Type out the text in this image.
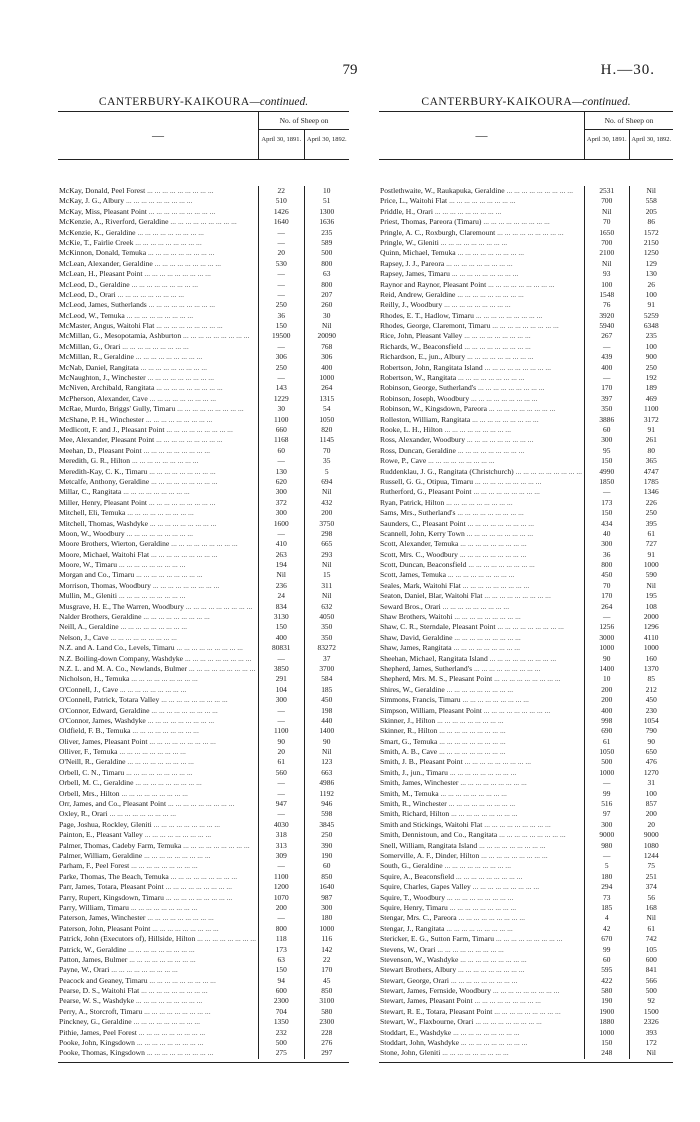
79	H.—30.
CANTERBURY-KAIKOURA—continued.
—
No. of Sheep on
April 30, 1891. April 30, 1892.
McKay, Donald, Peel Forest ... .	22	10
McKay, J. G., Albury ... .	510	51
McKay, Miss, Pleasant Point ... .	1426	1300
McKenzie, A., Riverford, Geraldine ... .	1640	1636
McKenzie, K., Geraldine ... .	—	235
McKie, T., Fairlie Creek ... .	—	589
McKinnon, Donald, Temuka ... .	20	500
McLean, Alexander, Geraldine ... .	530	800
McLean, H., Pleasant Point ... .	—	63
McLeod, D., Geraldine ... .	—	800
McLeod, D., Orari ... .	—	207
McLeod, James, Sutherlands ... .	250	260
McLeod, W., Temuka ... .	36	30
McMaster, Angus, Waitohi Flat ... .	150	Nil
McMillan, G., Mesopotamia, Ashburton ... .	19500	20090
McMillan, G., Orari ... .	—	768
McMillan, R., Geraldine ... .	306	306
McNab, Daniel, Rangitata ... .	250	400
McNaughton, J., Winchester ... .	—	1000
McNiven, Archibald, Rangitata ... .	143	264
McPherson, Alexander, Cave ... .	1229	1315
McRae, Murdo, Briggs' Gully, Timaru ... .	30	54
McShane, P. H., Winchester ... .	1100	1050
Medlicott, F. and J., Pleasant Point ... .	660	820
Mee, Alexander, Pleasant Point ... .	1168	1145
Meehan, D., Pleasant Point ... .	60	70
Meredith, G. R., Hilton ... .	—	35
Meredith-Kay, C. K., Timaru ... .	130	5
Metcalfe, Anthony, Geraldine ... .	620	694
Millar, C., Rangitata ... .	300	Nil
Miller, Henry, Pleasant Point ... .	372	432
Mitchell, Eli, Temuka ... .	300	200
Mitchell, Thomas, Washdyke ... .	1600	3750
Moon, W., Woodbury ... .	—	298
Moore Brothers, Wierton, Geraldine ... .	410	665
Moore, Michael, Waitohi Flat ... .	263	293
Moore, W., Timaru ... .	194	Nil
Morgan and Co., Timaru ... .	Nil	15
Morrison, Thomas, Woodbury ... .	236	311
Mullin, M., Gleniti ... .	24	Nil
Musgrave, H. E., The Warren, Woodbury ... .	834	632
Nalder Brothers, Geraldine ... .	3130	4050
Neill, A., Geraldine ... .	150	350
Nelson, J., Cave ... .	400	350
N.Z. and A. Land Co., Levels, Timaru ... .	80831	83272
N.Z. Boiling-down Company, Washdyke ... .	—	37
N.Z. L. and M. A. Co., Newlands, Bulmer ... .	3850	3700
Nicholson, H., Temuka ... .	291	584
O'Connell, J., Cave ... .	104	185
O'Connell, Patrick, Totara Valley ... .	300	450
O'Connor, Edward, Geraldine ... .	—	198
O'Connor, James, Washdyke ... .	—	440
Oldfield, F. B., Temuka ... .	1100	1400
Oliver, James, Pleasant Point ... .	90	90
Olliver, F., Temuka ... .	20	Nil
O'Neill, R., Geraldine ... .	61	123
Orbell, C. N., Timaru ... .	560	663
Orbell, M. C., Geraldine ... .	—	4986
Orbell, Mrs., Hilton ... .	—	1192
Orr, James, and Co., Pleasant Point ... .	947	946
Oxley, R., Orari ... .	—	598
Page, Joshua, Rockley, Gleniti ... .	4030	3845
Painton, E., Pleasant Valley ... .	318	250
Palmer, Thomas, Cadeby Farm, Temuka ... .	313	390
Palmer, William, Geraldine ... .	309	190
Parham, F., Peel Forest ... .	—	60
Parke, Thomas, The Beach, Temuka ... .	1100	850
Parr, James, Totara, Pleasant Point ... .	1200	1640
Parry, Rupert, Kingsdown, Timaru ... .	1070	987
Parry, William, Timaru ... .	200	300
Paterson, James, Winchester ... .	—	180
Paterson, John, Pleasant Point ... .	800	1000
Patrick, John (Executors of), Hillside, Hilton ... .	118	116
Patrick, W., Geraldine ... .	173	142
Patton, James, Bulmer ... .	63	22
Payne, W., Orari ... .	150	170
Peacock and Geaney, Timaru ... .	94	45
Pearse, D. S., Waitohi Flat ... .	600	850
Pearse, W. S., Washdyke ... .	2300	3100
Perry, A., Storcroft, Timaru ... .	704	580
Pinckney, G., Geraldine ... .	1350	2300
Pithie, James, Peel Forest ... .	232	228
Pooke, John, Kingsdown ... .	500	276
Pooke, Thomas, Kingsdown ... .	275	297
CANTERBURY-KAIKOURA—continued.
—
No. of Sheep on
April 30, 1891. April 30, 1892.
Postlethwaite, W., Raukapuka, Geraldine ... .	2531	Nil
Price, L., Waitohi Flat ... .	700	558
Priddle, H., Orari ... .	Nil	205
Priest, Thomas, Pareora (Timaru) ... .	70	86
Pringle, A. C., Roxburgh, Claremount ... .	1650	1572
Pringle, W., Gleniti ... .	700	2150
Quinn, Michael, Temuka ... .	2100	1250
Rapsey, J. J., Pareora ... .	Nil	129
Rapsey, James, Timaru ... .	93	130
Raynor and Raynor, Pleasant Point ... .	100	26
Reid, Andrew, Geraldine ... .	1548	100
Reilly, J., Woodbury ... .	76	91
Rhodes, E. T., Hadlow, Timaru ... .	3920	5259
Rhodes, George, Claremont, Timaru ... .	5940	6348
Rice, John, Pleasant Valley ... .	267	235
Richards, W., Beaconsfield ... .	—	100
Richardson, E., jun., Albury ... .	439	900
Robertson, John, Rangitata Island ... .	400	250
Robertson, W., Rangitata ... .	—	192
Robinson, George, Sutherland's ... .	170	189
Robinson, Joseph, Woodbury ... .	397	469
Robinson, W., Kingsdown, Pareora ... .	350	1100
Rolleston, William, Rangitata ... .	3886	3172
Rooke, L. H., Hilton ... .	60	91
Ross, Alexander, Woodbury ... .	300	261
Ross, Duncan, Geraldine ... .	95	80
Rowe, P., Cave ... .	150	365
Ruddenklau, J. G., Rangitata (Christchurch) ... .	4990	4747
Russell, G. G., Otipua, Timaru ... .	1850	1785
Rutherford, G., Pleasant Point ... .	—	1346
Ryan, Patrick, Hilton ... .	173	226
Sams, Mrs., Sutherland's ... .	150	250
Saunders, C., Pleasant Point ... .	434	395
Scannell, John, Kerry Town ... .	40	61
Scott, Alexander, Temuka ... .	300	727
Scott, Mrs. C., Woodbury ... .	36	91
Scott, Duncan, Beaconsfield ... .	800	1000
Scott, James, Temuka ... .	450	590
Seales, Mark, Waitohi Flat ... .	70	Nil
Seaton, Daniel, Blar, Waitohi Flat ... .	170	195
Seward Bros., Orari ... .	264	108
Shaw Brothers, Waitohi ... .	—	2000
Shaw, C. R., Sterndale, Pleasant Point ... .	1256	1296
Shaw, David, Geraldine ... .	3000	4110
Shaw, James, Rangitata ... .	1000	1000
Sheehan, Michael, Rangitata Island ... .	90	160
Shepherd, James, Sutherland's ... .	1400	1370
Shepherd, Mrs. M. S., Pleasant Point ... .	10	85
Shires, W., Geraldine ... .	200	212
Simmons, Francis, Timaru ... .	200	450
Simpson, William, Pleasant Point ... .	400	230
Skinner, J., Hilton ... .	998	1054
Skinner, R., Hilton ... .	690	790
Smart, G., Temuka ... .	61	90
Smith, A. B., Cave ... .	1050	650
Smith, J. B., Pleasant Point ... .	500	476
Smith, J., jun., Timaru ... .	1000	1270
Smith, James, Winchester ... .	—	31
Smith, M., Temuka ... .	99	100
Smith, R., Winchester ... .	516	857
Smith, Richard, Hilton ... .	97	200
Smith and Stickings, Waitohi Flat ... .	300	20
Smith, Dennistoun, and Co., Rangitata ... .	9000	9000
Snell, William, Rangitata Island ... .	980	1080
Somerville, A. F., Dinder, Hilton ... .	—	1244
South, G., Geraldine ... .	5	75
Squire, A., Beaconsfield ... .	180	251
Squire, Charles, Gapes Valley ... .	294	374
Squire, T., Woodbury ... .	73	56
Squire, Henry, Timaru ... .	185	168
Stengar, Mrs. C., Pareora ... .	4	Nil
Stengar, J., Rangitata ... .	42	61
Stericker, E. G., Sutton Farm, Timaru ... .	670	742
Stevens, W., Orari ... .	99	105
Stevenson, W., Washdyke ... .	60	600
Stewart Brothers, Albury ... .	595	841
Stewart, George, Orari ... .	422	566
Stewart, James, Fernside, Woodbury ... .	580	500
Stewart, James, Pleasant Point ... .	190	92
Stewart, R. E., Totara, Pleasant Point ... .	1900	1500
Stewart, W., Flaxbourne, Orari ... .	1880	2326
Stoddart, E., Washdyke ... .	1000	393
Stoddart, John, Washdyke ... .	150	172
Stone, John, Gleniti ... .	248	Nil
